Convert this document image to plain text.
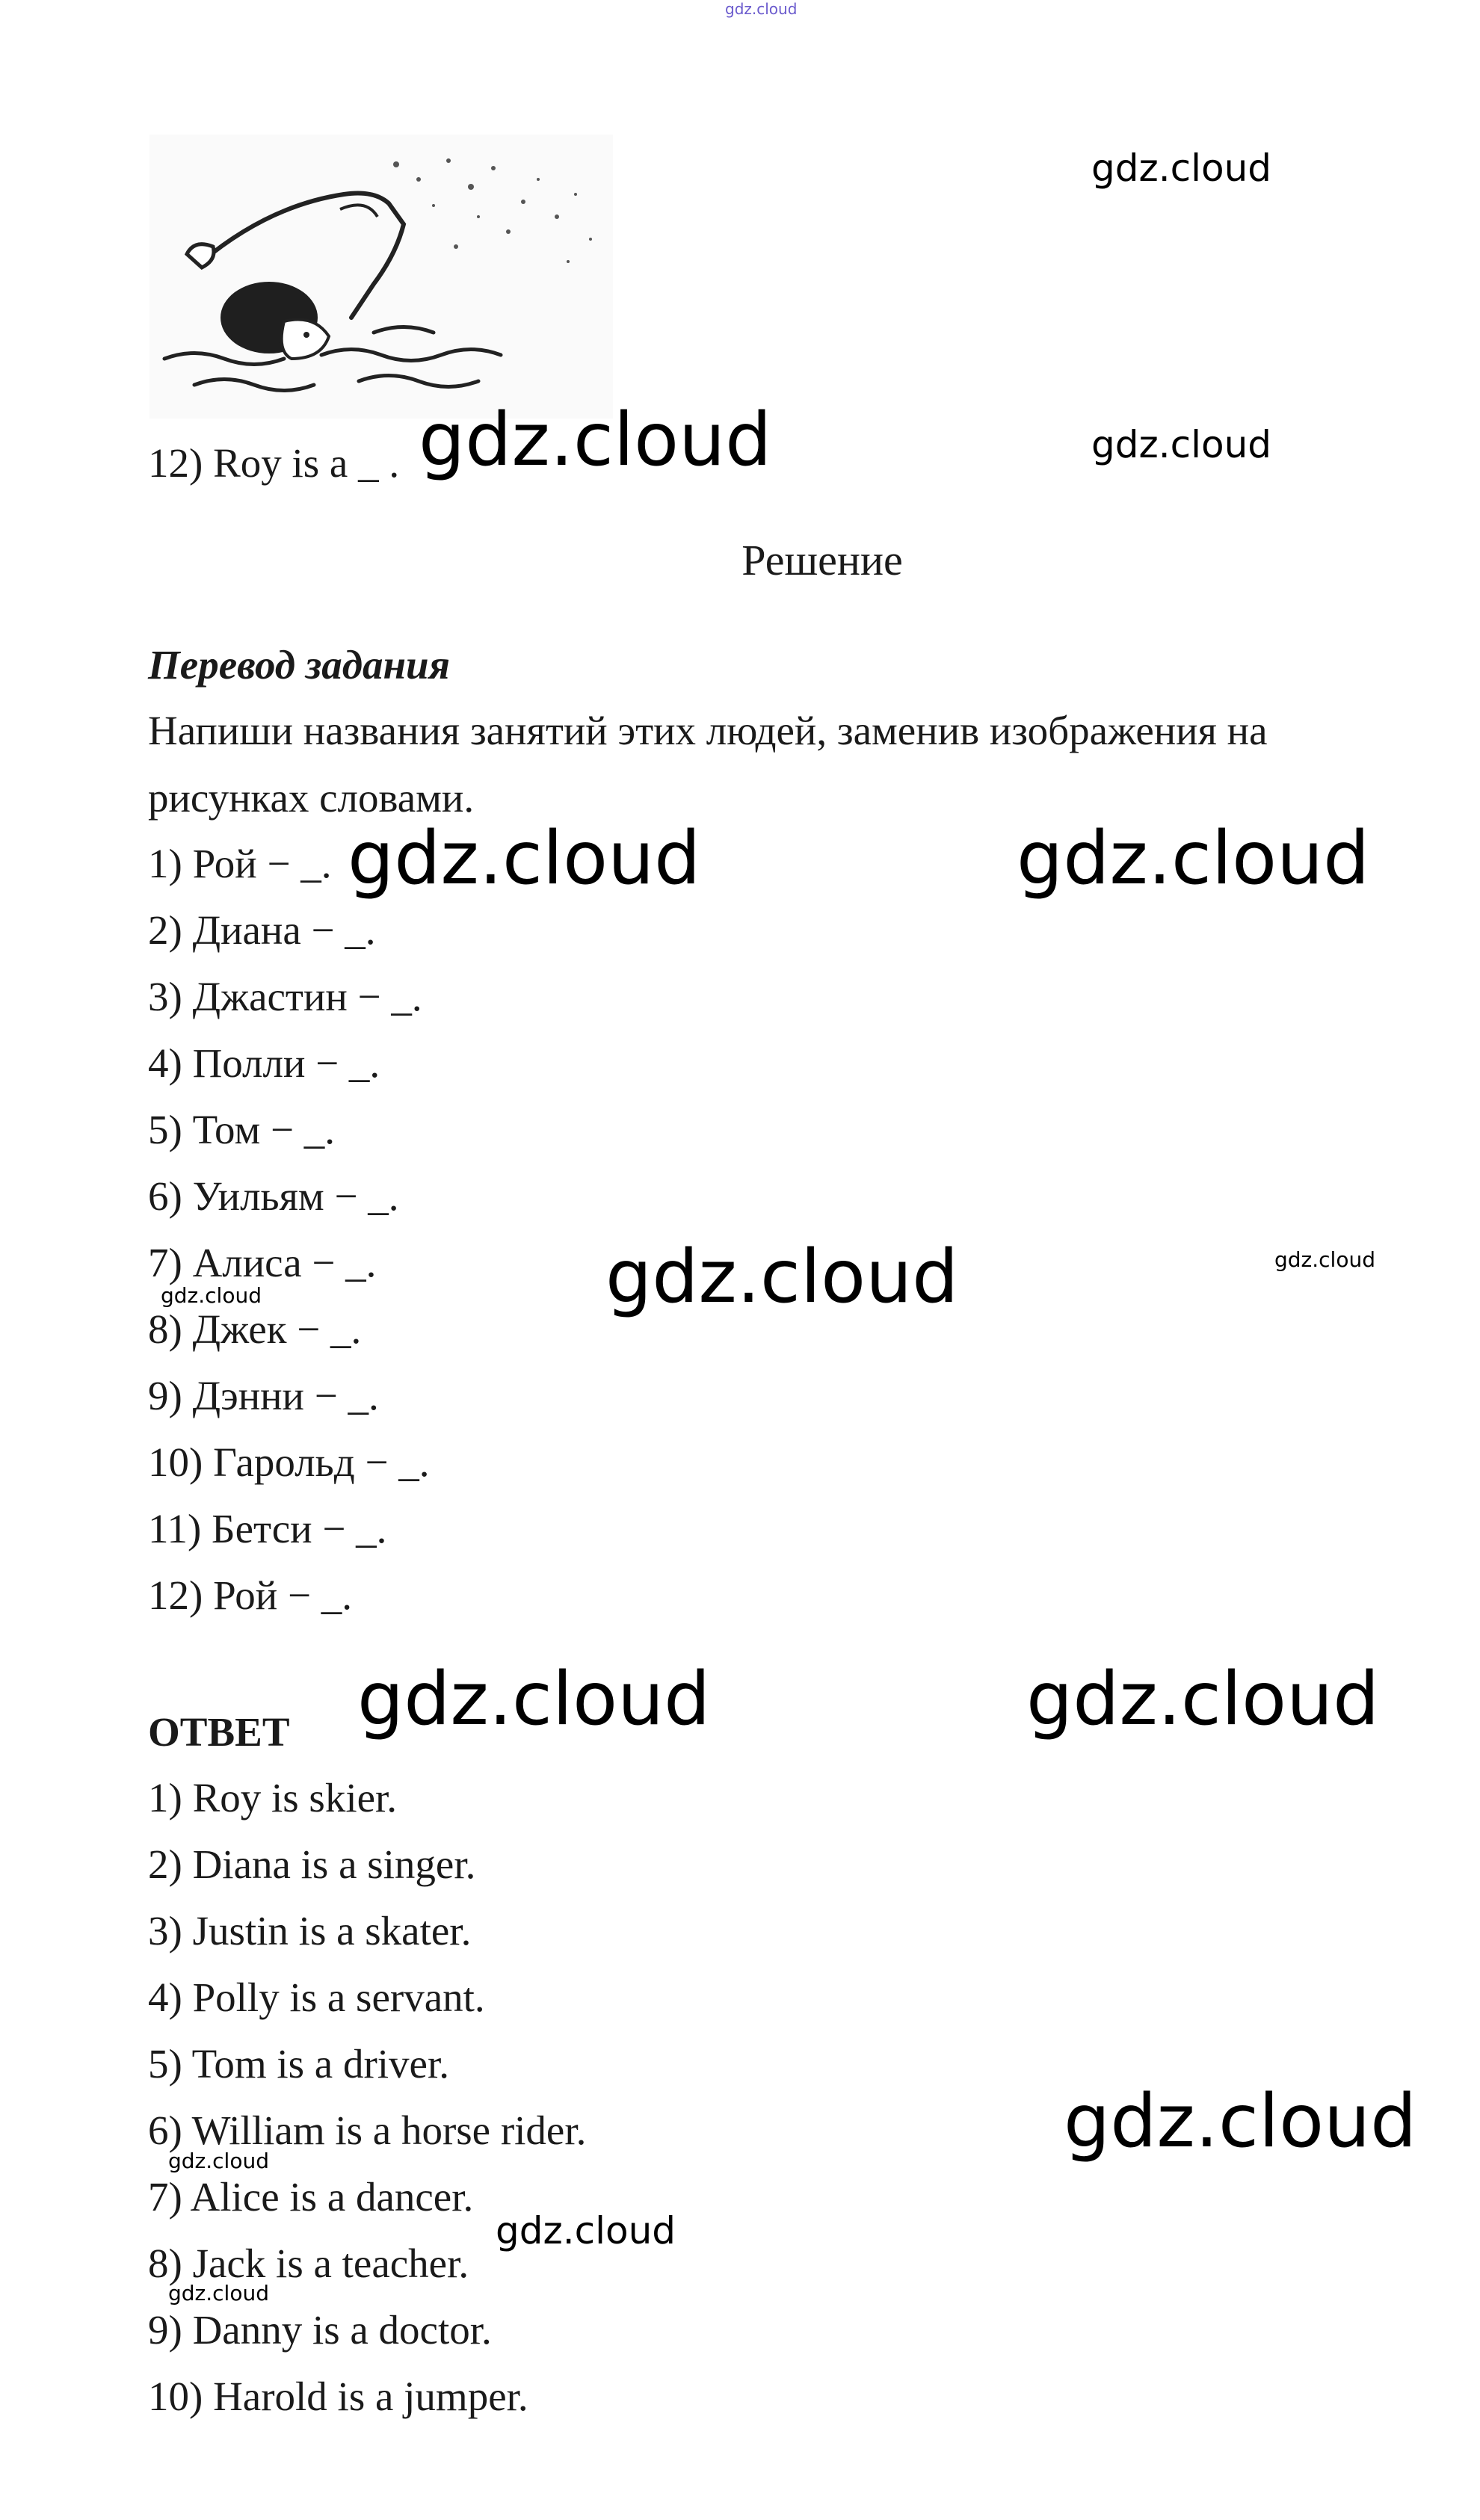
gdz.cloud
gdz.cloud
gdz.cloud	gdz.cloud
gdz.cloud	gdz.cloud
gdz.cloud	gdz.cloud
gdz.cloud
gdz.cloud	gdz.cloud
gdz.cloud
gdz.cloud
gdz.cloud
gdz.cloud
12) Roy is a _ .
Решение
Перевод задания
Напиши названия занятий этих людей, заменив изображения на
рисунках словами.
1) Рой − _.
2) Диана − _.
3) Джастин − _.
4) Полли − _.
5) Том − _.
6) Уильям − _.
7) Алиса − _.
8) Джек − _.
9) Дэнни − _.
10) Гарольд − _.
11) Бетси − _.
12) Рой − _.
ОТВЕТ
1) Roy is skier.
2) Diana is a singer.
3) Justin is a skater.
4) Polly is a servant.
5) Tom is a driver.
6) William is a horse rider.
7) Alice is a dancer.
8) Jack is a teacher.
9) Danny is a doctor.
10) Harold is a jumper.
